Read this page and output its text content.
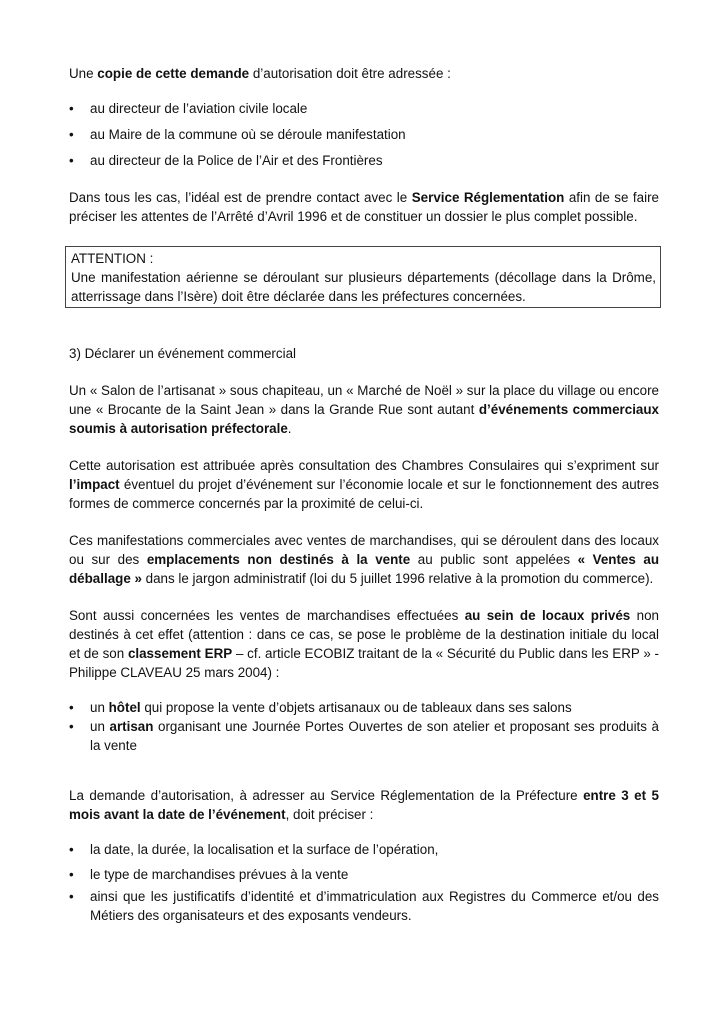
Une copie de cette demande d’autorisation doit être adressée :

• au directeur de l’aviation civile locale
• au Maire de la commune où se déroule manifestation
• au directeur de la Police de l’Air et des Frontières

Dans tous les cas, l’idéal est de prendre contact avec le Service Réglementation afin de se faire préciser les attentes de l’Arrêté d’Avril 1996 et de constituer un dossier le plus complet possible.

ATTENTION :

Une manifestation aérienne se déroulant sur plusieurs départements (décollage dans la Drôme, atterrissage dans l’Isère) doit être déclarée dans les préfectures concernées.

3) Déclarer un événement commercial

Un « Salon de l’artisanat » sous chapiteau, un « Marché de Noël » sur la place du village ou encore une « Brocante de la Saint Jean » dans la Grande Rue sont autant d’événements commerciaux soumis à autorisation préfectorale.

Cette autorisation est attribuée après consultation des Chambres Consulaires qui s’expriment sur l’impact éventuel du projet d’événement sur l’économie locale et sur le fonctionnement des autres formes de commerce concernés par la proximité de celui-ci.

Ces manifestations commerciales avec ventes de marchandises, qui se déroulent dans des locaux ou sur des emplacements non destinés à la vente au public sont appelées « Ventes au déballage » dans le jargon administratif (loi du 5 juillet 1996 relative à la promotion du commerce).

Sont aussi concernées les ventes de marchandises effectuées au sein de locaux privés non destinés à cet effet (attention : dans ce cas, se pose le problème de la destination initiale du local et de son classement ERP – cf. article ECOBIZ traitant de la « Sécurité du Public dans les ERP » - Philippe CLAVEAU 25 mars 2004) :

• un hôtel qui propose la vente d’objets artisanaux ou de tableaux dans ses salons
• un artisan organisant une Journée Portes Ouvertes de son atelier et proposant ses produits à la vente

La demande d’autorisation, à adresser au Service Réglementation de la Préfecture entre 3 et 5 mois avant la date de l’événement, doit préciser :

• la date, la durée, la localisation et la surface de l’opération,
• le type de marchandises prévues à la vente
• ainsi que les justificatifs d’identité et d’immatriculation aux Registres du Commerce et/ou des Métiers des organisateurs et des exposants vendeurs.
